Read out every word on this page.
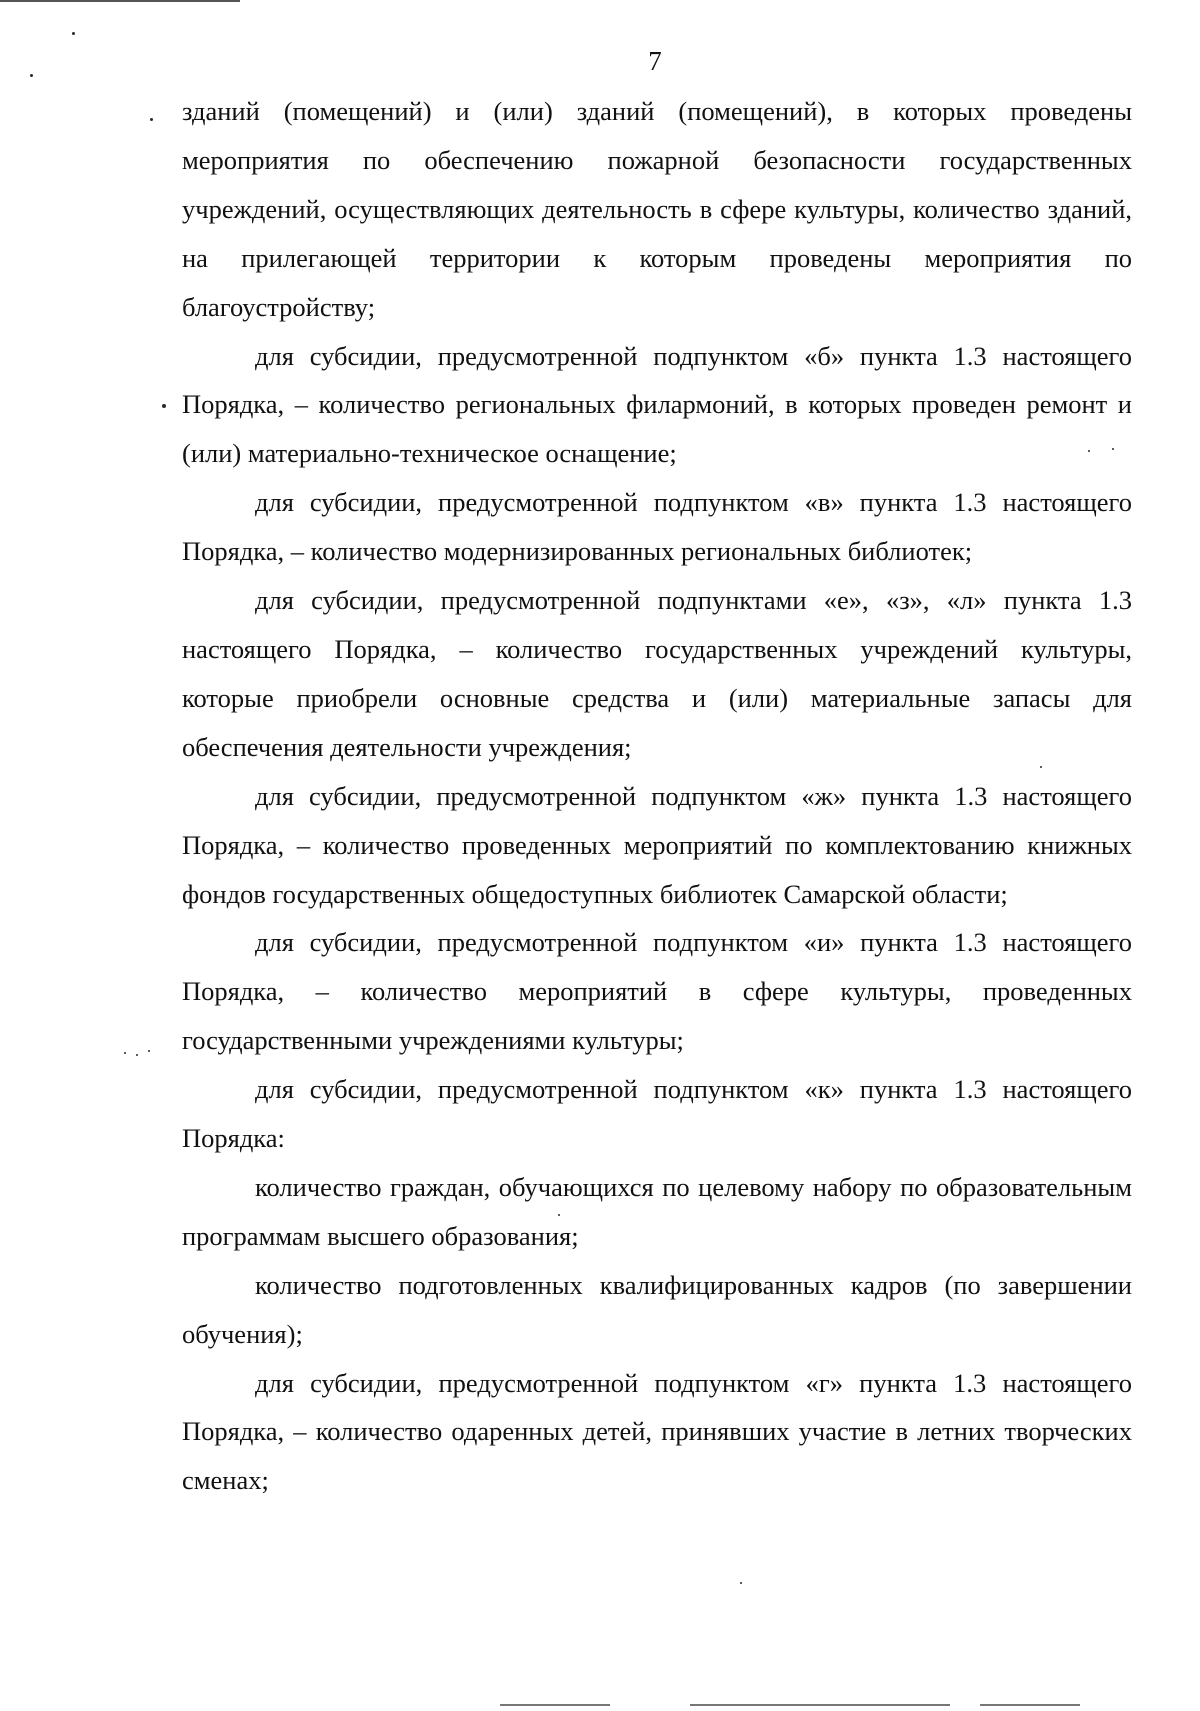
7

зданий (помещений) и (или) зданий (помещений), в которых проведены мероприятия по обеспечению пожарной безопасности государственных учреждений, осуществляющих деятельность в сфере культуры, количество зданий, на прилегающей территории к которым проведены мероприятия по благоустройству;

для субсидии, предусмотренной подпунктом «б» пункта 1.3 настоящего Порядка, – количество региональных филармоний, в которых проведен ремонт и (или) материально-техническое оснащение;

для субсидии, предусмотренной подпунктом «в» пункта 1.3 настоящего Порядка, – количество модернизированных региональных библиотек;

для субсидии, предусмотренной подпунктами «е», «з», «л» пункта 1.3 настоящего Порядка, – количество государственных учреждений культуры, которые приобрели основные средства и (или) материальные запасы для обеспечения деятельности учреждения;

для субсидии, предусмотренной подпунктом «ж» пункта 1.3 настоящего Порядка, – количество проведенных мероприятий по комплектованию книжных фондов государственных общедоступных библиотек Самарской области;

для субсидии, предусмотренной подпунктом «и» пункта 1.3 настоящего Порядка, – количество мероприятий в сфере культуры, проведенных государственными учреждениями культуры;

для субсидии, предусмотренной подпунктом «к» пункта 1.3 настоящего Порядка:

количество граждан, обучающихся по целевому набору по образовательным программам высшего образования;

количество подготовленных квалифицированных кадров (по завершении обучения);

для субсидии, предусмотренной подпунктом «г» пункта 1.3 настоящего Порядка, – количество одаренных детей, принявших участие в летних творческих сменах;
